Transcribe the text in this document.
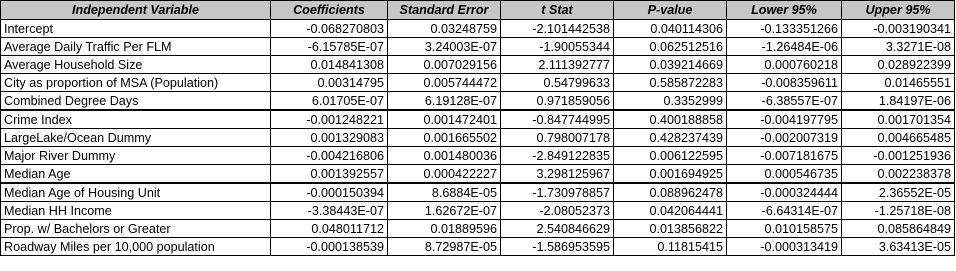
Independent Variable	Coefficients	Standard Error	t Stat	P-value	Lower 95%	Upper 95%
Intercept	-0.068270803	0.03248759	-2.101442538	0.040114306	-0.133351266	-0.003190341
Average Daily Traffic Per FLM	-6.15785E-07	3.24003E-07	-1.90055344	0.062512516	-1.26484E-06	3.3271E-08
Average Household Size	0.014841308	0.007029156	2.111392777	0.039214669	0.000760218	0.028922399
City as proportion of MSA (Population)	0.00314795	0.005744472	0.54799633	0.585872283	-0.008359611	0.01465551
Combined Degree Days	6.01705E-07	6.19128E-07	0.971859056	0.3352999	-6.38557E-07	1.84197E-06
Crime Index	-0.001248221	0.001472401	-0.847744995	0.400188858	-0.004197795	0.001701354
LargeLake/Ocean Dummy	0.001329083	0.001665502	0.798007178	0.428237439	-0.002007319	0.004665485
Major River Dummy	-0.004216806	0.001480036	-2.849122835	0.006122595	-0.007181675	-0.001251936
Median Age	0.001392557	0.000422227	3.298125967	0.001694925	0.000546735	0.002238378
Median Age of Housing Unit	-0.000150394	8.6884E-05	-1.730978857	0.088962478	-0.000324444	2.36552E-05
Median HH Income	-3.38443E-07	1.62672E-07	-2.08052373	0.042064441	-6.64314E-07	-1.25718E-08
Prop. w/ Bachelors or Greater	0.048011712	0.01889596	2.540846629	0.013856822	0.010158575	0.085864849
Roadway Miles per 10,000 population	-0.000138539	8.72987E-05	-1.586953595	0.11815415	-0.000313419	3.63413E-05
